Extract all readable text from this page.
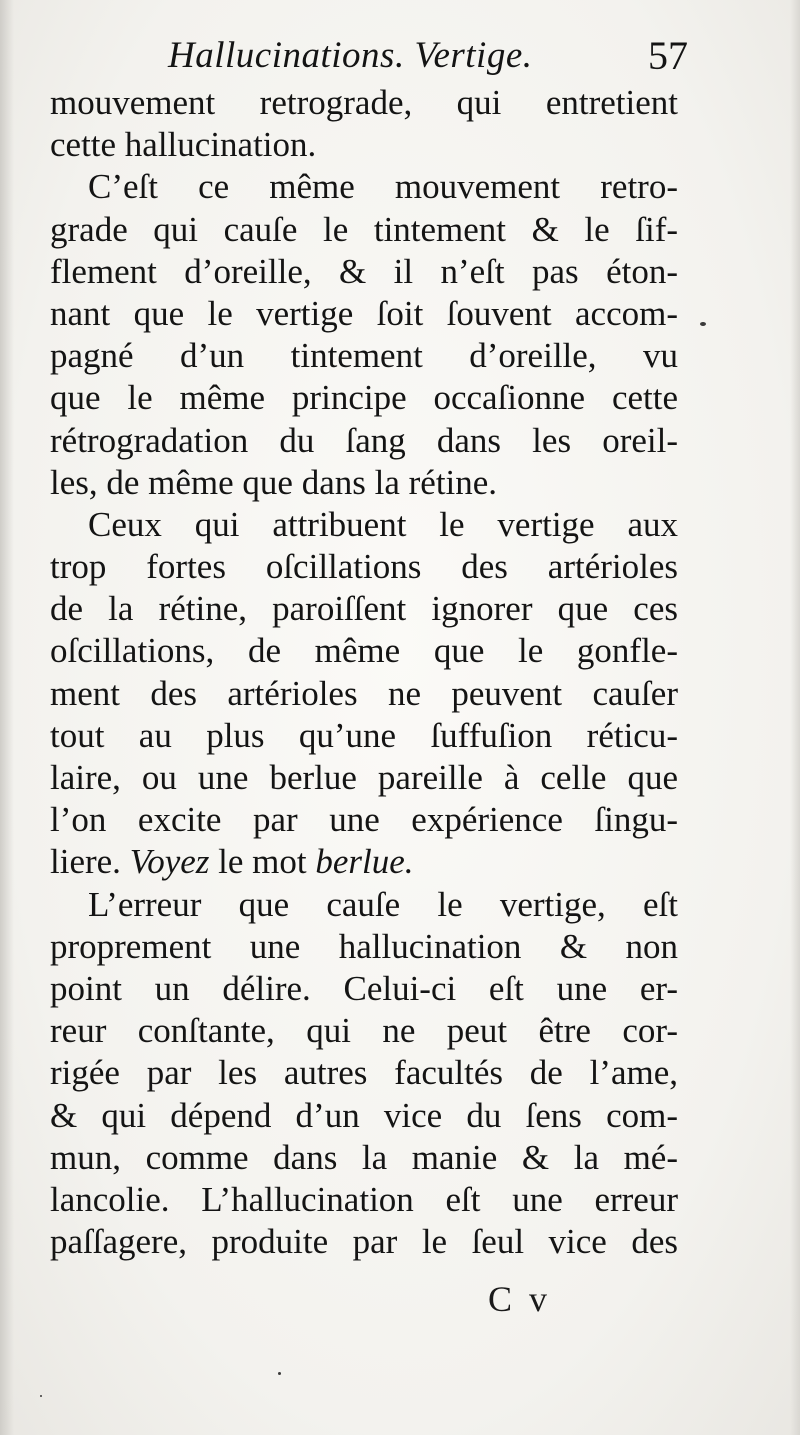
Hallucinations. Vertige.	57
mouvement retrograde, qui entretient
cette hallucination.
C’eſt ce même mouvement retro-
grade qui cauſe le tintement & le ſif-
flement d’oreille, & il n’eſt pas éton-
nant que le vertige ſoit ſouvent accom-
pagné d’un tintement d’oreille, vu
que le même principe occaſionne cette
rétrogradation du ſang dans les oreil-
les, de même que dans la rétine.
Ceux qui attribuent le vertige aux
trop fortes oſcillations des artérioles
de la rétine, paroiſſent ignorer que ces
oſcillations, de même que le gonfle-
ment des artérioles ne peuvent cauſer
tout au plus qu’une ſuffuſion réticu-
laire, ou une berlue pareille à celle que
l’on excite par une expérience ſingu-
liere. Voyez le mot berlue.
L’erreur que cauſe le vertige, eſt
proprement une hallucination & non
point un délire. Celui-ci eſt une er-
reur conſtante, qui ne peut être cor-
rigée par les autres facultés de l’ame,
& qui dépend d’un vice du ſens com-
mun, comme dans la manie & la mé-
lancolie. L’hallucination eſt une erreur
paſſagere, produite par le ſeul vice des
C v
